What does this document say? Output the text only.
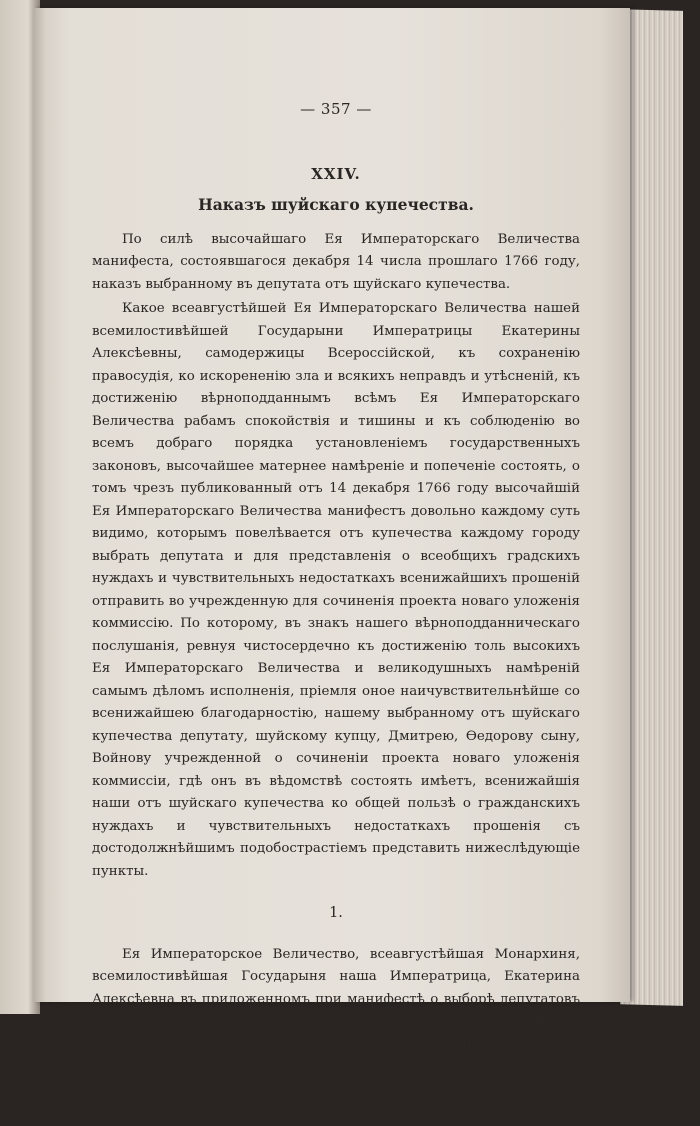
— 357 —
XXIV.
Наказъ шуйскаго купечества.

По силѣ высочайшаго Ея Императорскаго Величества манифеста, состоявшагося декабря 14 числа прошлаго 1766 году, наказъ выбранному въ депутата отъ шуйскаго купечества.

Какое всеавгустѣйшей Ея Императорскаго Величества нашей всемилостивѣйшей Государыни Императрицы Екатерины Алексѣевны, самодержицы Всероссійской, къ сохраненію правосудія, ко искорененію зла и всякихъ неправдъ и утѣсненій, къ достиженію вѣрноподданнымъ всѣмъ Ея Императорскаго Величества рабамъ спокойствія и тишины и къ соблюденію во всемъ добраго порядка установленіемъ государственныхъ законовъ, высочайшее матернее намѣреніе и попеченіе состоять, о томъ чрезъ публикованный отъ 14 декабря 1766 году высочайшій Ея Императорскаго Величества манифестъ довольно каждому суть видимо, которымъ повелѣвается отъ купечества каждому городу выбрать депутата и для представленія о всеобщихъ градскихъ нуждахъ и чувствительныхъ недостаткахъ всенижайшихъ прошеній отправить во учрежденную для сочиненія проекта новаго уложенія коммиссію. По которому, въ знакъ нашего вѣрноподданническаго послушанія, ревнуя чистосердечно къ достиженію толь высокихъ Ея Императорскаго Величества и великодушныхъ намѣреній самымъ дѣломъ исполненія, пріемля оное наичувствительнѣйше со всенижайшею благодарностію, нашему выбранному отъ шуйскаго купечества депутату, шуйскому купцу, Дмитрею, Ѳедорову сыну, Войнову учрежденной о сочиненіи проекта новаго уложенія коммиссіи, гдѣ онъ въ вѣдомствѣ состоять имѣетъ, всенижайшія наши отъ шуйскаго купечества ко общей пользѣ о гражданскихъ нуждахъ и чувствительныхъ недостаткахъ прошенія съ достодолжнѣйшимъ подобострастіемъ представить нижеслѣдующіе пункты.

1.

Ея Императорское Величество, всеавгустѣйшая Монархиня, всемилостивѣйшая Государыня наша Императрица, Екатерина Алексѣевна въ приложенномъ при манифестѣ о выборѣ депутатовъ обрядѣ всемилостивѣйше изъ крайняго къ вѣрноподданнымъ своимъ матерняго милосердія указать соизволила въ наказъ депутатскій внести всѣ общественныя отягощенія и нужды, въ чемъ бы оныя ни состояли. Которою высокомонаршею Ея Императорскаго Величества матернею щедротою
